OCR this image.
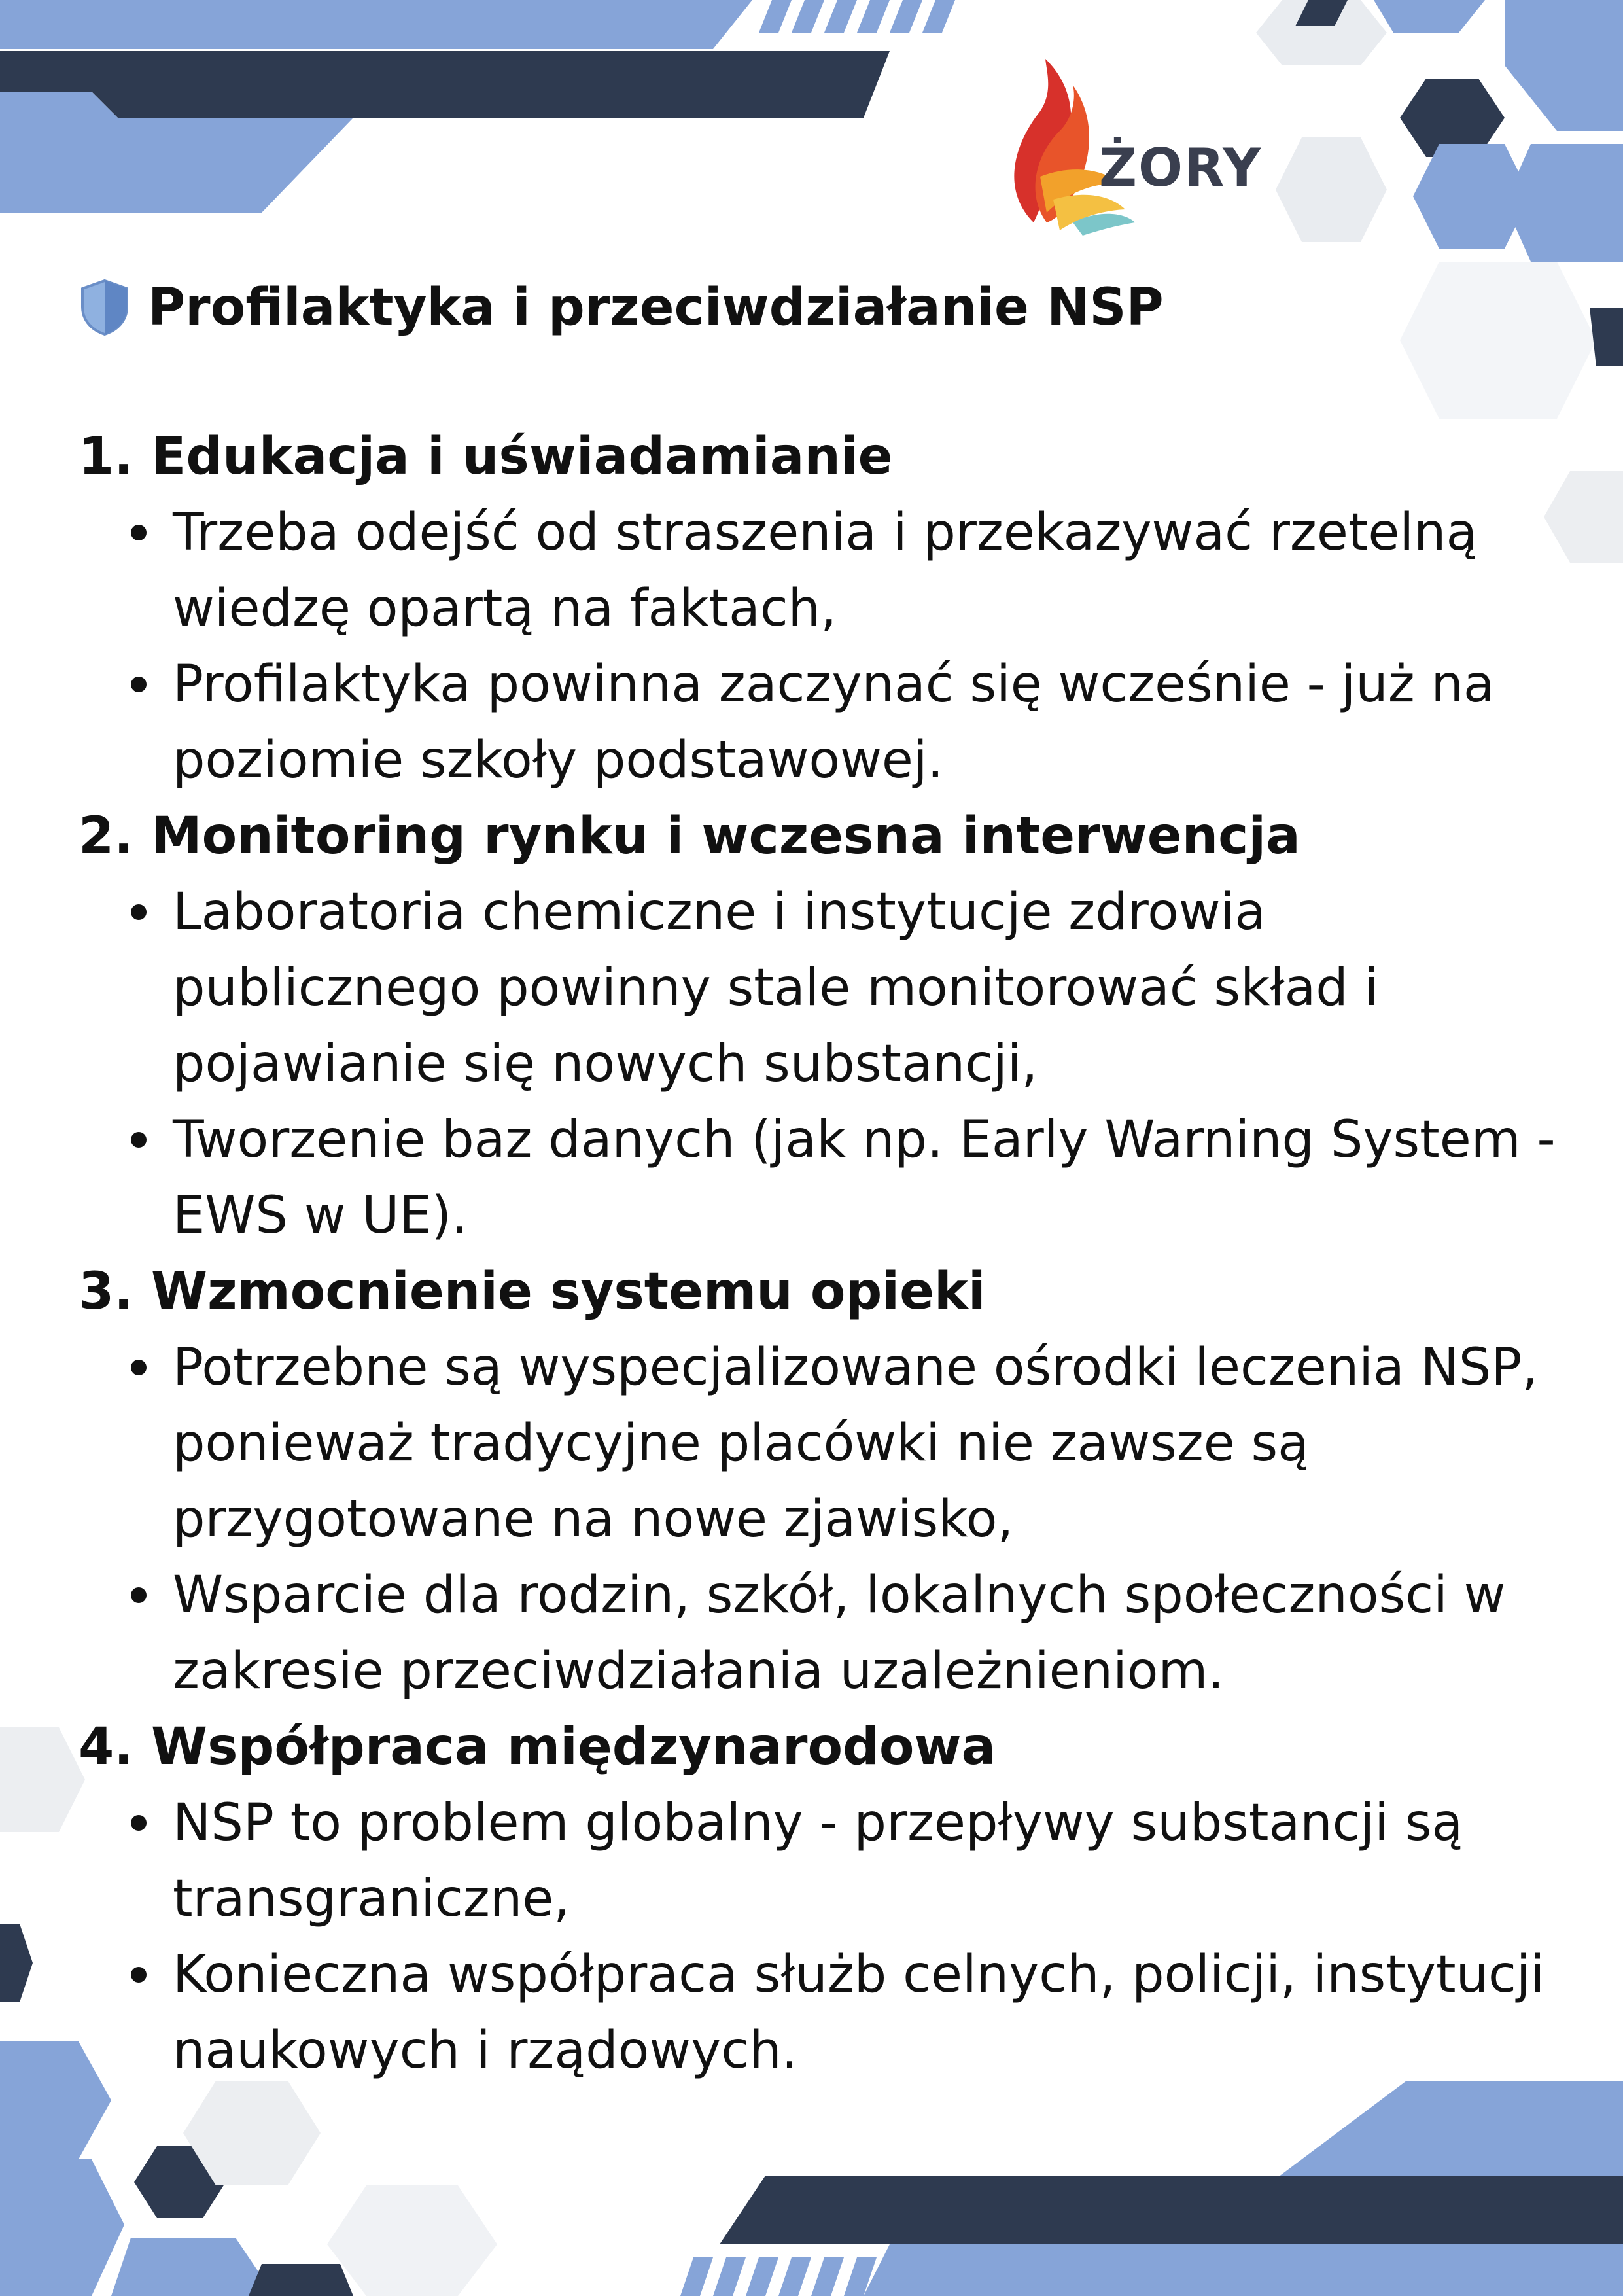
ŻORY
Profilaktyka i przeciwdziałanie NSP
1. Edukacja i uświadamianie
Trzeba odejść od straszenia i przekazywać rzetelną wiedzę opartą na faktach,
Profilaktyka powinna zaczynać się wcześnie - już na poziomie szkoły podstawowej.
2. Monitoring rynku i wczesna interwencja
Laboratoria chemiczne i instytucje zdrowia publicznego powinny stale monitorować skład i pojawianie się nowych substancji,
Tworzenie baz danych (jak np. Early Warning System - EWS w UE).
3. Wzmocnienie systemu opieki
Potrzebne są wyspecjalizowane ośrodki leczenia NSP, ponieważ tradycyjne placówki nie zawsze są przygotowane na nowe zjawisko,
Wsparcie dla rodzin, szkół, lokalnych społeczności w zakresie przeciwdziałania uzależnieniom.
4. Współpraca międzynarodowa
NSP to problem globalny - przepływy substancji są transgraniczne,
Konieczna współpraca służb celnych, policji, instytucji naukowych i rządowych.
